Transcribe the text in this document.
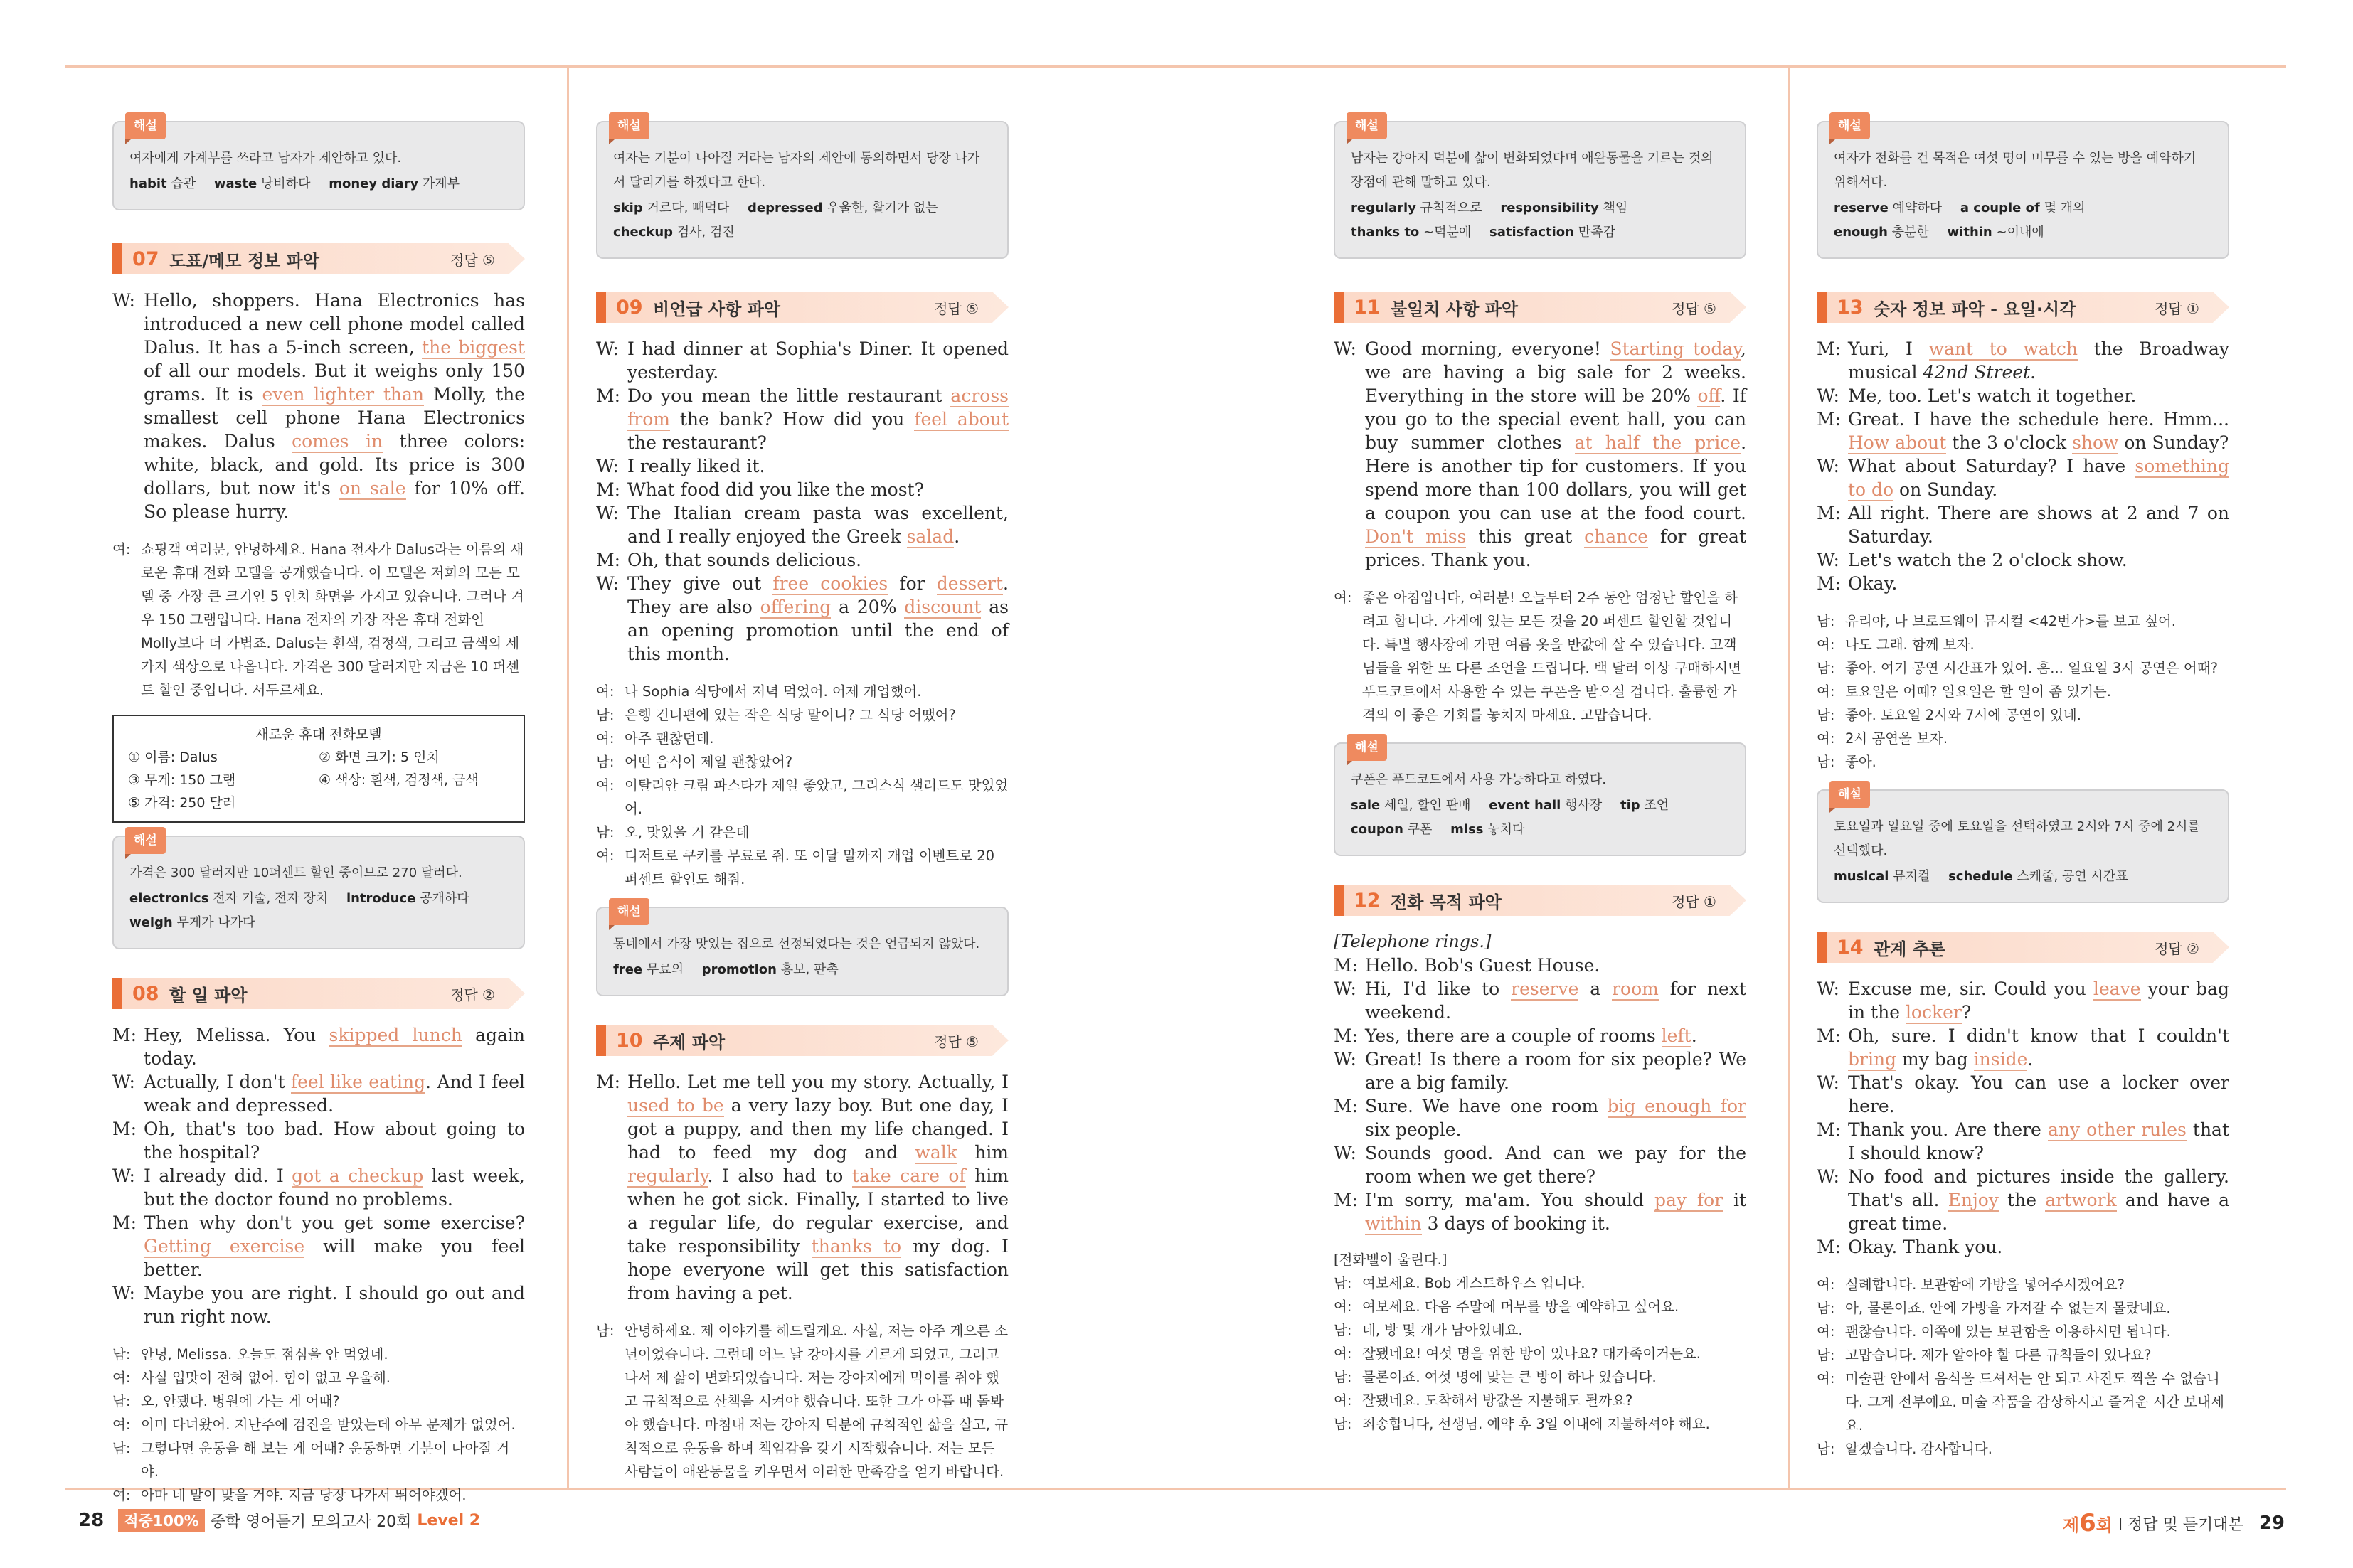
해설
여자에게 가계부를 쓰라고 남자가 제안하고 있다.
habit 습관 waste 낭비하다 money diary 가계부
07 도표/메모 정보 파악	정답 ⑤

W: Hello, shoppers. Hana Electronics has introduced a new cell phone model called Dalus. It has a 5-inch screen, the biggest of all our models. But it weighs only 150 grams. It is even lighter than Molly, the smallest cell phone Hana Electronics makes. Dalus comes in three colors: white, black, and gold. Its price is 300 dollars, but now it's on sale for 10% off. So please hurry.

여: 쇼핑객 여러분, 안녕하세요. Hana 전자가 Dalus라는 이름의 새로운 휴대 전화 모델을 공개했습니다. 이 모델은 저희의 모든 모델 중 가장 큰 크기인 5 인치 화면을 가지고 있습니다. 그러나 겨우 150 그램입니다. Hana 전자의 가장 작은 휴대 전화인 Molly보다 더 가볍죠. Dalus는 흰색, 검정색, 그리고 금색의 세 가지 색상으로 나옵니다. 가격은 300 달러지만 지금은 10 퍼센트 할인 중입니다. 서두르세요.

새로운 휴대 전화모델
① 이름: Dalus	② 화면 크기: 5 인치
③ 무게: 150 그램	④ 색상: 흰색, 검정색, 금색
⑤ 가격: 250 달러
해설
가격은 300 달러지만 10퍼센트 할인 중이므로 270 달러다.
electronics 전자 기술, 전자 장치 introduce 공개하다 weigh 무게가 나가다
08 할 일 파악	정답 ②

M: Hey, Melissa. You skipped lunch again today.

W: Actually, I don't feel like eating. And I feel weak and depressed.

M: Oh, that's too bad. How about going to the hospital?

W: I already did. I got a checkup last week, but the doctor found no problems.

M: Then why don't you get some exercise? Getting exercise will make you feel better.

W: Maybe you are right. I should go out and run right now.

남: 안녕, Melissa. 오늘도 점심을 안 먹었네.

여: 사실 입맛이 전혀 없어. 힘이 없고 우울해.

남: 오, 안됐다. 병원에 가는 게 어때?

여: 이미 다녀왔어. 지난주에 검진을 받았는데 아무 문제가 없었어.

남: 그렇다면 운동을 해 보는 게 어때? 운동하면 기분이 나아질 거야.

여: 아마 네 말이 맞을 거야. 지금 당장 나가서 뛰어야겠어.

해설
여자는 기분이 나아질 거라는 남자의 제안에 동의하면서 당장 나가서 달리기를 하겠다고 한다.
skip 거르다, 빼먹다 depressed 우울한, 활기가 없는 checkup 검사, 검진
09 비언급 사항 파악	정답 ⑤

W: I had dinner at Sophia's Diner. It opened yesterday.

M: Do you mean the little restaurant across from the bank? How did you feel about the restaurant?

W: I really liked it.

M: What food did you like the most?

W: The Italian cream pasta was excellent, and I really enjoyed the Greek salad.

M: Oh, that sounds delicious.

W: They give out free cookies for dessert. They are also offering a 20% discount as an opening promotion until the end of this month.

여: 나 Sophia 식당에서 저녁 먹었어. 어제 개업했어.

남: 은행 건너편에 있는 작은 식당 말이니? 그 식당 어땠어?

여: 아주 괜찮던데.

남: 어떤 음식이 제일 괜찮았어?

여: 이탈리안 크림 파스타가 제일 좋았고, 그리스식 샐러드도 맛있었어.

남: 오, 맛있을 거 같은데

여: 디저트로 쿠키를 무료로 줘. 또 이달 말까지 개업 이벤트로 20 퍼센트 할인도 해줘.

해설
동네에서 가장 맛있는 집으로 선정되었다는 것은 언급되지 않았다.
free 무료의 promotion 홍보, 판촉
10 주제 파악	정답 ⑤

M: Hello. Let me tell you my story. Actually, I used to be a very lazy boy. But one day, I got a puppy, and then my life changed. I had to feed my dog and walk him regularly. I also had to take care of him when he got sick. Finally, I started to live a regular life, do regular exercise, and take responsibility thanks to my dog. I hope everyone will get this satisfaction from having a pet.

남: 안녕하세요. 제 이야기를 해드릴게요. 사실, 저는 아주 게으른 소년이었습니다. 그런데 어느 날 강아지를 기르게 되었고, 그러고 나서 제 삶이 변화되었습니다. 저는 강아지에게 먹이를 줘야 했고 규칙적으로 산책을 시켜야 했습니다. 또한 그가 아플 때 돌봐야 했습니다. 마침내 저는 강아지 덕분에 규칙적인 삶을 살고, 규칙적으로 운동을 하며 책임감을 갖기 시작했습니다. 저는 모든 사람들이 애완동물을 키우면서 이러한 만족감을 얻기 바랍니다.

28	적중100% 중학 영어듣기 모의고사 20회 Level 2
해설
남자는 강아지 덕분에 삶이 변화되었다며 애완동물을 기르는 것의 장점에 관해 말하고 있다.
regularly 규칙적으로 responsibility 책임 thanks to ~덕분에 satisfaction 만족감
11 불일치 사항 파악	정답 ⑤

W: Good morning, everyone! Starting today, we are having a big sale for 2 weeks. Everything in the store will be 20% off. If you go to the special event hall, you can buy summer clothes at half the price. Here is another tip for customers. If you spend more than 100 dollars, you will get a coupon you can use at the food court. Don't miss this great chance for great prices. Thank you.

여: 좋은 아침입니다, 여러분! 오늘부터 2주 동안 엄청난 할인을 하려고 합니다. 가게에 있는 모든 것을 20 퍼센트 할인할 것입니다. 특별 행사장에 가면 여름 옷을 반값에 살 수 있습니다. 고객님들을 위한 또 다른 조언을 드립니다. 백 달러 이상 구매하시면 푸드코트에서 사용할 수 있는 쿠폰을 받으실 겁니다. 훌륭한 가격의 이 좋은 기회를 놓치지 마세요. 고맙습니다.

해설
쿠폰은 푸드코트에서 사용 가능하다고 하였다.
sale 세일, 할인 판매 event hall 행사장 tip 조언 coupon 쿠폰 miss 놓치다
12 전화 목적 파악	정답 ①
[Telephone rings.]

M: Hello. Bob's Guest House.

W: Hi, I'd like to reserve a room for next weekend.

M: Yes, there are a couple of rooms left.

W: Great! Is there a room for six people? We are a big family.

M: Sure. We have one room big enough for six people.

W: Sounds good. And can we pay for the room when we get there?

M: I'm sorry, ma'am. You should pay for it within 3 days of booking it.

[전화벨이 울린다.]

남: 여보세요. Bob 게스트하우스 입니다.

여: 여보세요. 다음 주말에 머무를 방을 예약하고 싶어요.

남: 네, 방 몇 개가 남아있네요.

여: 잘됐네요! 여섯 명을 위한 방이 있나요? 대가족이거든요.

남: 물론이죠. 여섯 명에 맞는 큰 방이 하나 있습니다.

여: 잘됐네요. 도착해서 방값을 지불해도 될까요?

남: 죄송합니다, 선생님. 예약 후 3일 이내에 지불하셔야 해요.

해설
여자가 전화를 건 목적은 여섯 명이 머무를 수 있는 방을 예약하기 위해서다.
reserve 예약하다 a couple of 몇 개의 enough 충분한 within ~이내에
13 숫자 정보 파악 - 요일·시각	정답 ①

M: Yuri, I want to watch the Broadway musical 42nd Street.

W: Me, too. Let's watch it together.

M: Great. I have the schedule here. Hmm... How about the 3 o'clock show on Sunday?

W: What about Saturday? I have something to do on Sunday.

M: All right. There are shows at 2 and 7 on Saturday.

W: Let's watch the 2 o'clock show.

M: Okay.

남: 유리야, 나 브로드웨이 뮤지컬 <42번가>를 보고 싶어.

여: 나도 그래. 함께 보자.

남: 좋아. 여기 공연 시간표가 있어. 흠... 일요일 3시 공연은 어때?

여: 토요일은 어때? 일요일은 할 일이 좀 있거든.

남: 좋아. 토요일 2시와 7시에 공연이 있네.

여: 2시 공연을 보자.

남: 좋아.

해설
토요일과 일요일 중에 토요일을 선택하였고 2시와 7시 중에 2시를 선택했다.
musical 뮤지컬 schedule 스케줄, 공연 시간표
14 관계 추론	정답 ②

W: Excuse me, sir. Could you leave your bag in the locker?

M: Oh, sure. I didn't know that I couldn't bring my bag inside.

W: That's okay. You can use a locker over here.

M: Thank you. Are there any other rules that I should know?

W: No food and pictures inside the gallery. That's all. Enjoy the artwork and have a great time.

M: Okay. Thank you.

여: 실례합니다. 보관함에 가방을 넣어주시겠어요?

남: 아, 물론이죠. 안에 가방을 가져갈 수 없는지 몰랐네요.

여: 괜찮습니다. 이쪽에 있는 보관함을 이용하시면 됩니다.

남: 고맙습니다. 제가 알아야 할 다른 규칙들이 있나요?

여: 미술관 안에서 음식을 드셔서는 안 되고 사진도 찍을 수 없습니다. 그게 전부예요. 미술 작품을 감상하시고 즐거운 시간 보내세요.

남: 알겠습니다. 감사합니다.

제6회 l 정답 및 듣기대본 29
